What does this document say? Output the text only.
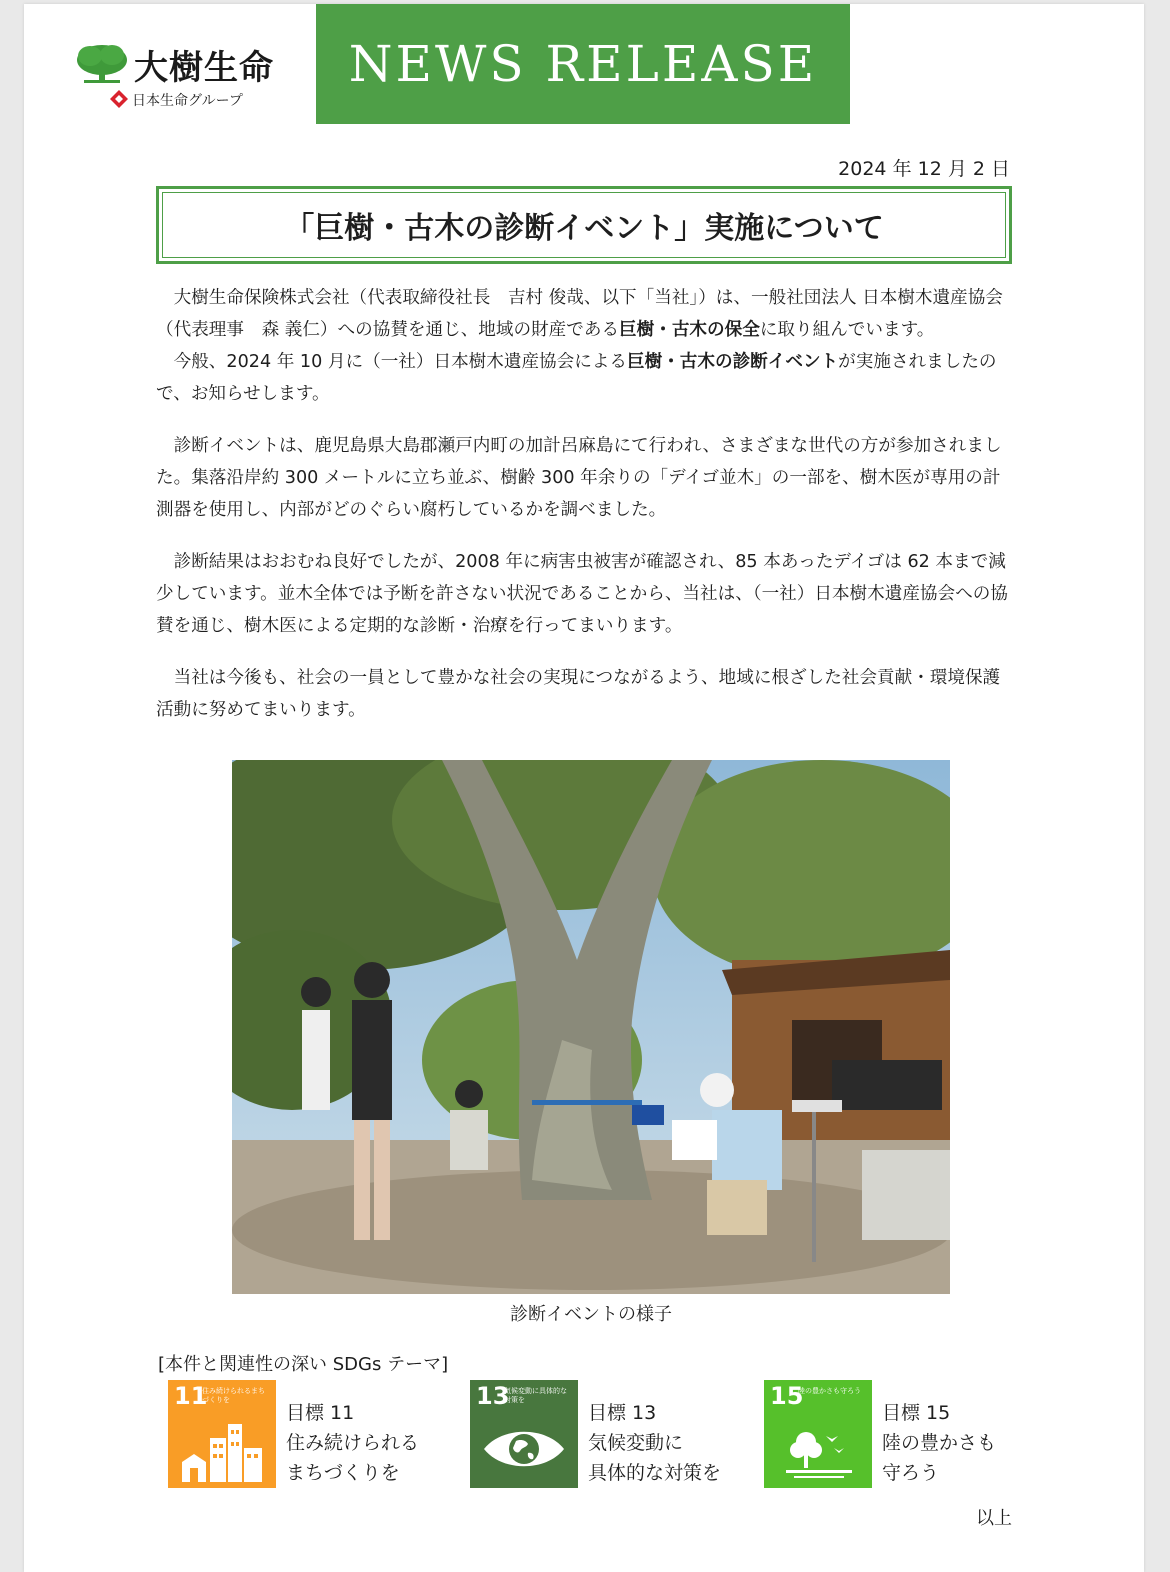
大樹生命
日本生命グループ
NEWS RELEASE
2024 年 12 月 2 日
「巨樹・古木の診断イベント」実施について

大樹生命保険株式会社（代表取締役社長　吉村 俊哉、以下「当社」）は、一般社団法人 日本樹木遺産協会（代表理事　森 義仁）への協賛を通じ、地域の財産である巨樹・古木の保全に取り組んでいます。

今般、2024 年 10 月に（一社）日本樹木遺産協会による巨樹・古木の診断イベントが実施されましたので、お知らせします。

診断イベントは、鹿児島県大島郡瀬戸内町の加計呂麻島にて行われ、さまざまな世代の方が参加されました。集落沿岸約 300 メートルに立ち並ぶ、樹齢 300 年余りの「デイゴ並木」の一部を、樹木医が専用の計測器を使用し、内部がどのぐらい腐朽しているかを調べました。

診断結果はおおむね良好でしたが、2008 年に病害虫被害が確認され、85 本あったデイゴは 62 本まで減少しています。並木全体では予断を許さない状況であることから、当社は、（一社）日本樹木遺産協会への協賛を通じ、樹木医による定期的な診断・治療を行ってまいります。

当社は今後も、社会の一員として豊かな社会の実現につながるよう、地域に根ざした社会貢献・環境保護活動に努めてまいります。

診断イベントの様子
[本件と関連性の深い SDGs テーマ]
11
住み続けられるまちづくりを
目標 11
住み続けられる
まちづくりを
13
気候変動に具体的な対策を
目標 13
気候変動に
具体的な対策を
15
陸の豊かさも守ろう
目標 15
陸の豊かさも
守ろう
以上
